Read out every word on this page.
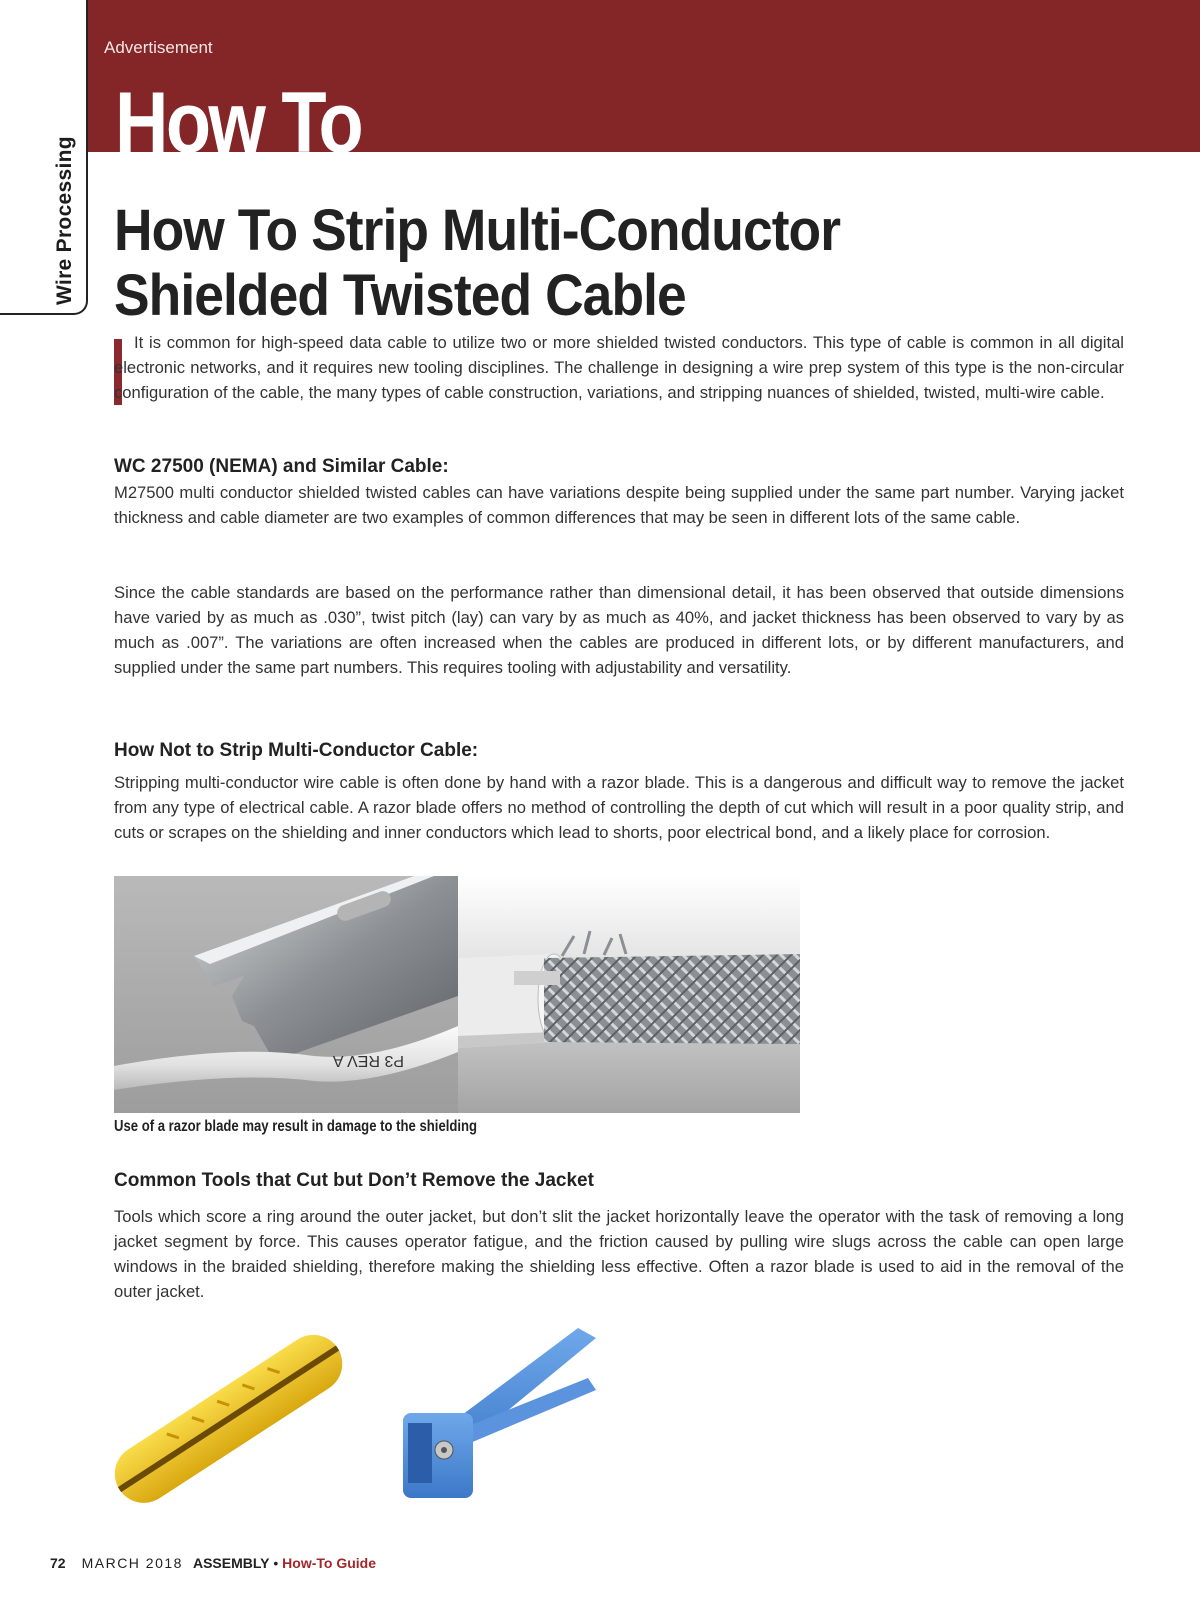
Advertisement
How To
Wire Processing How To Strip Multi-Conductor
Shielded Twisted Cable

It is common for high-speed data cable to utilize two or more shielded twisted conductors. This type of cable is common in all digital electronic networks, and it requires new tooling disciplines. The challenge in designing a wire prep system of this type is the non-circular configuration of the cable, the many types of cable construction, variations, and stripping nuances of shielded, twisted, multi-wire cable.

WC 27500 (NEMA) and Similar Cable:

M27500 multi conductor shielded twisted cables can have variations despite being supplied under the same part number. Varying jacket thickness and cable diameter are two examples of common differences that may be seen in different lots of the same cable.

Since the cable standards are based on the performance rather than dimensional detail, it has been observed that outside dimensions have varied by as much as .030”, twist pitch (lay) can vary by as much as 40%, and jacket thickness has been observed to vary by as much as .007”. The variations are often increased when the cables are produced in different lots, or by different manufacturers, and supplied under the same part numbers. This requires tooling with adjustability and versatility.

How Not to Strip Multi-Conductor Cable:

Stripping multi-conductor wire cable is often done by hand with a razor blade. This is a dangerous and difficult way to remove the jacket from any type of electrical cable. A razor blade offers no method of controlling the depth of cut which will result in a poor quality strip, and cuts or scrapes on the shielding and inner conductors which lead to shorts, poor electrical bond, and a likely place for corrosion.

P3 REV A
Use of a razor blade may result in damage to the shielding
Common Tools that Cut but Don’t Remove the Jacket

Tools which score a ring around the outer jacket, but don’t slit the jacket horizontally leave the operator with the task of removing a long jacket segment by force. This causes operator fatigue, and the friction caused by pulling wire slugs across the cable can open large windows in the braided shielding, therefore making the shielding less effective. Often a razor blade is used to aid in the removal of the outer jacket.

72 MARCH 2018 ASSEMBLY • How-To Guide
